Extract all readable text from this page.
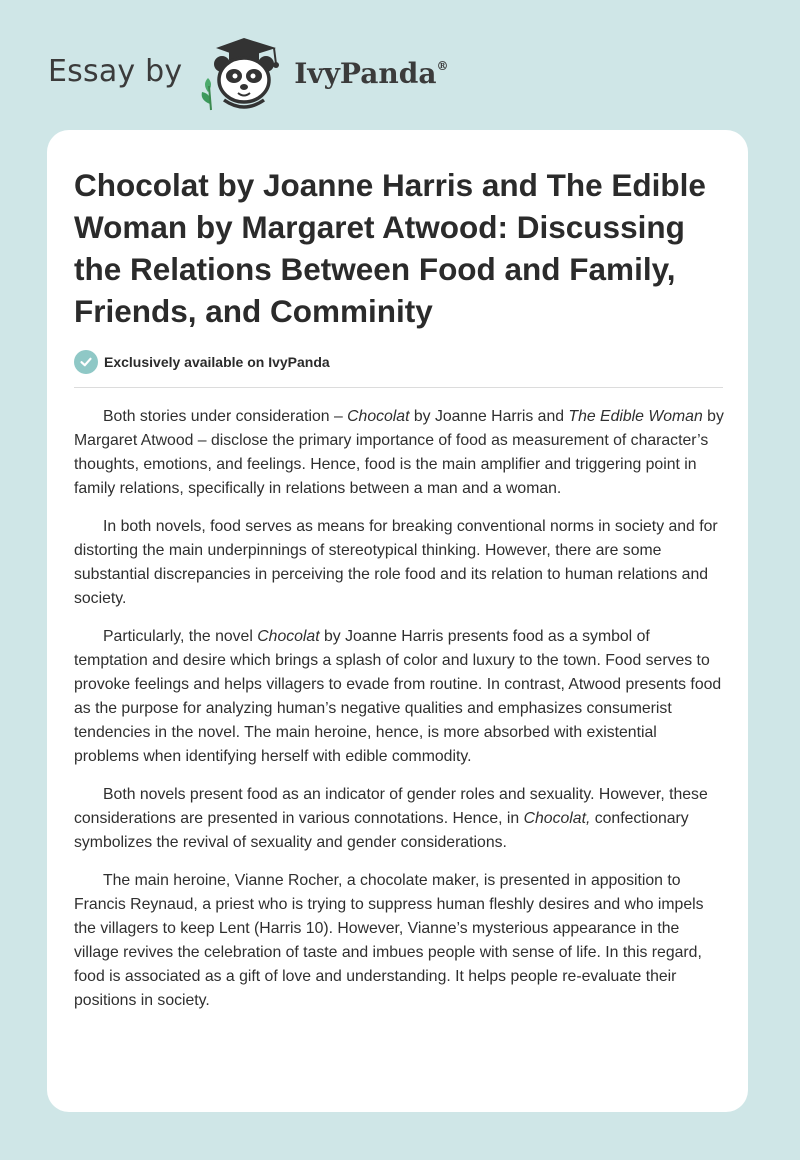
Essay by	IvyPanda®
Chocolat by Joanne Harris and The Edible Woman by Margaret Atwood: Discussing the Relations Between Food and Family, Friends, and Comminity
Exclusively available on IvyPanda

Both stories under consideration – Chocolat by Joanne Harris and The Edible Woman by Margaret Atwood – disclose the primary importance of food as measurement of character’s thoughts, emotions, and feelings. Hence, food is the main amplifier and triggering point in family relations, specifically in relations between a man and a woman.

In both novels, food serves as means for breaking conventional norms in society and for distorting the main underpinnings of stereotypical thinking. However, there are some substantial discrepancies in perceiving the role food and its relation to human relations and society.

Particularly, the novel Chocolat by Joanne Harris presents food as a symbol of temptation and desire which brings a splash of color and luxury to the town. Food serves to provoke feelings and helps villagers to evade from routine. In contrast, Atwood presents food as the purpose for analyzing human’s negative qualities and emphasizes consumerist tendencies in the novel. The main heroine, hence, is more absorbed with existential problems when identifying herself with edible commodity.

Both novels present food as an indicator of gender roles and sexuality. However, these considerations are presented in various connotations. Hence, in Chocolat, confectionary symbolizes the revival of sexuality and gender considerations.

The main heroine, Vianne Rocher, a chocolate maker, is presented in apposition to Francis Reynaud, a priest who is trying to suppress human fleshly desires and who impels the villagers to keep Lent (Harris 10). However, Vianne’s mysterious appearance in the village revives the celebration of taste and imbues people with sense of life. In this regard, food is associated as a gift of love and understanding. It helps people re-evaluate their positions in society.
